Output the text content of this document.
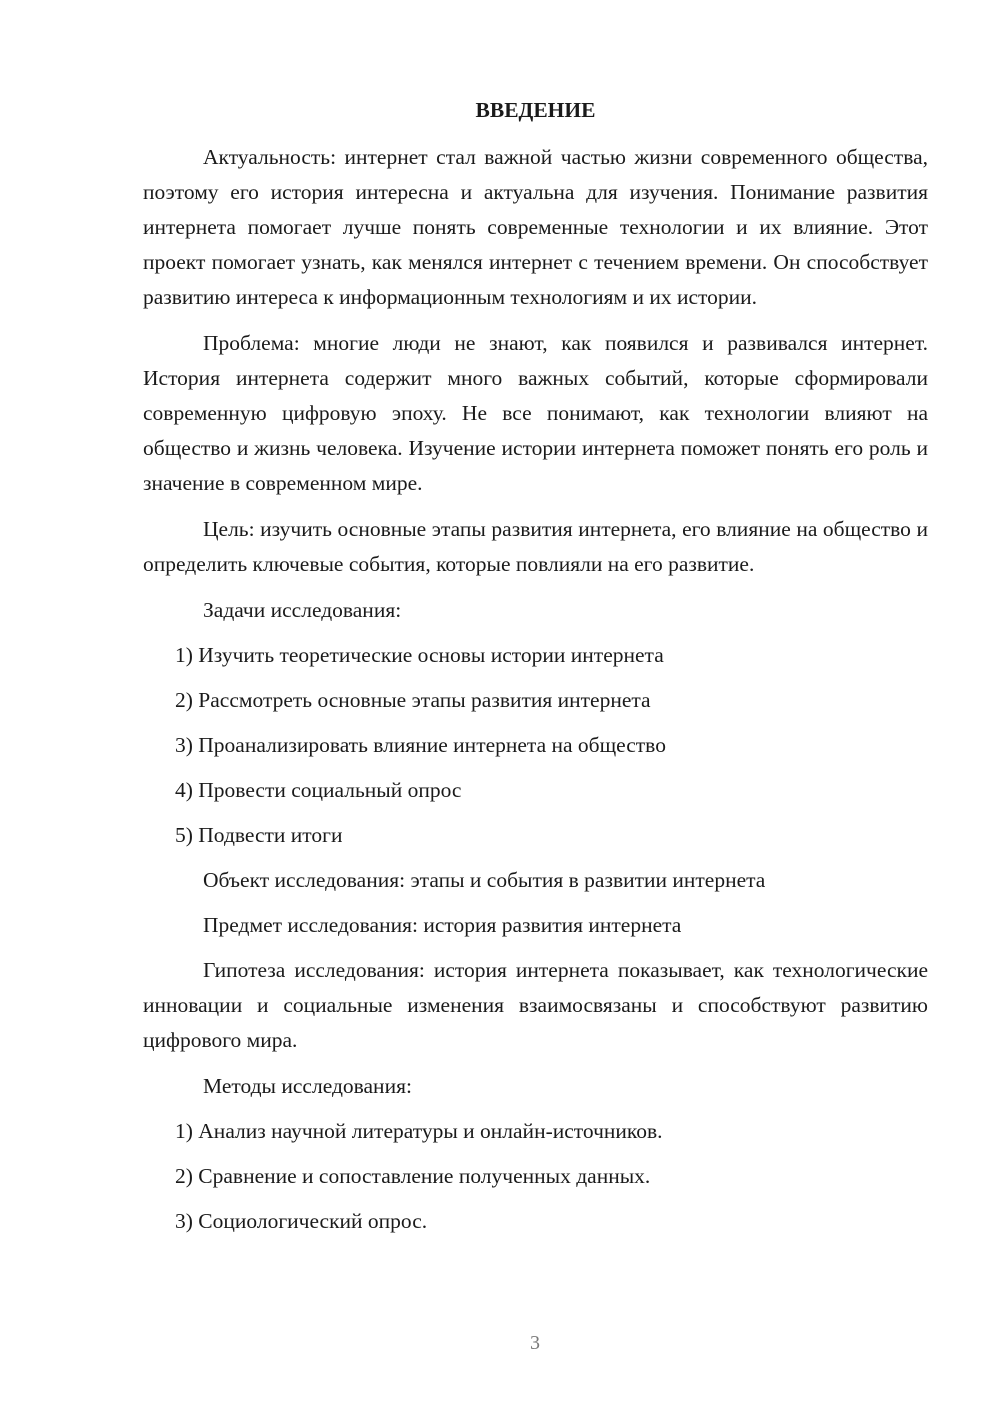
ВВЕДЕНИЕ

Актуальность: интернет стал важной частью жизни современного общества, поэтому его история интересна и актуальна для изучения. Понимание развития интернета помогает лучше понять современные технологии и их влияние. Этот проект помогает узнать, как менялся интернет с течением времени. Он способствует развитию интереса к информационным технологиям и их истории.

Проблема: многие люди не знают, как появился и развивался интернет. История интернета содержит много важных событий, которые сформировали современную цифровую эпоху. Не все понимают, как технологии влияют на общество и жизнь человека. Изучение истории интернета поможет понять его роль и значение в современном мире.

Цель: изучить основные этапы развития интернета, его влияние на общество и определить ключевые события, которые повлияли на его развитие.

Задачи исследования:

1) Изучить теоретические основы истории интернета

2) Рассмотреть основные этапы развития интернета

3) Проанализировать влияние интернета на общество

4) Провести социальный опрос

5) Подвести итоги

Объект исследования: этапы и события в развитии интернета

Предмет исследования: история развития интернета

Гипотеза исследования: история интернета показывает, как технологические инновации и социальные изменения взаимосвязаны и способствуют развитию цифрового мира.

Методы исследования:

1) Анализ научной литературы и онлайн-источников.

2) Сравнение и сопоставление полученных данных.

3) Социологический опрос.

3
